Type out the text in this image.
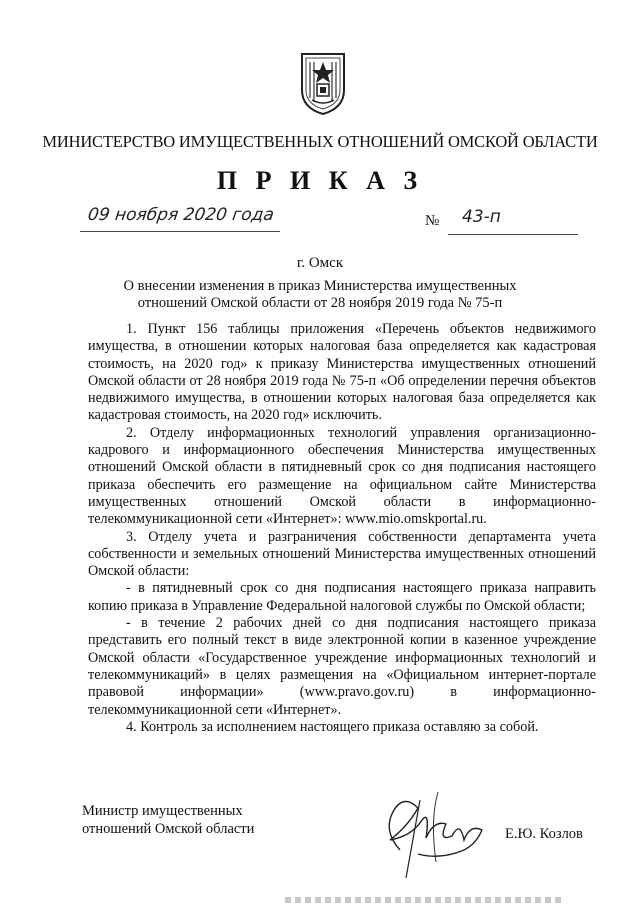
МИНИСТЕРСТВО ИМУЩЕСТВЕННЫХ ОТНОШЕНИЙ ОМСКОЙ ОБЛАСТИ
П Р И К А З
09 ноября 2020 года	№ 43-п
г. Омск
О внесении изменения в приказ Министерства имущественных отношений Омской области от 28 ноября 2019 года № 75-п

1. Пункт 156 таблицы приложения «Перечень объектов недвижимого имущества, в отношении которых налоговая база определяется как кадастровая стоимость, на 2020 год» к приказу Министерства имущественных отношений Омской области от 28 ноября 2019 года № 75-п «Об определении перечня объектов недвижимого имущества, в отношении которых налоговая база определяется как кадастровая стоимость, на 2020 год» исключить.

2. Отделу информационных технологий управления организационно-кадрового и информационного обеспечения Министерства имущественных отношений Омской области в пятидневный срок со дня подписания настоящего приказа обеспечить его размещение на официальном сайте Министерства имущественных отношений Омской области в информационно-телекоммуникационной сети «Интернет»: www.mio.omskportal.ru.

3. Отделу учета и разграничения собственности департамента учета собственности и земельных отношений Министерства имущественных отношений Омской области:

- в пятидневный срок со дня подписания настоящего приказа направить копию приказа в Управление Федеральной налоговой службы по Омской области;

- в течение 2 рабочих дней со дня подписания настоящего приказа представить его полный текст в виде электронной копии в казенное учреждение Омской области «Государственное учреждение информационных технологий и телекоммуникаций» в целях размещения на «Официальном интернет-портале правовой информации» (www.pravo.gov.ru) в информационно-телекоммуникационной сети «Интернет».

4. Контроль за исполнением настоящего приказа оставляю за собой.

Министр имущественных
отношений Омской области	Е.Ю. Козлов
